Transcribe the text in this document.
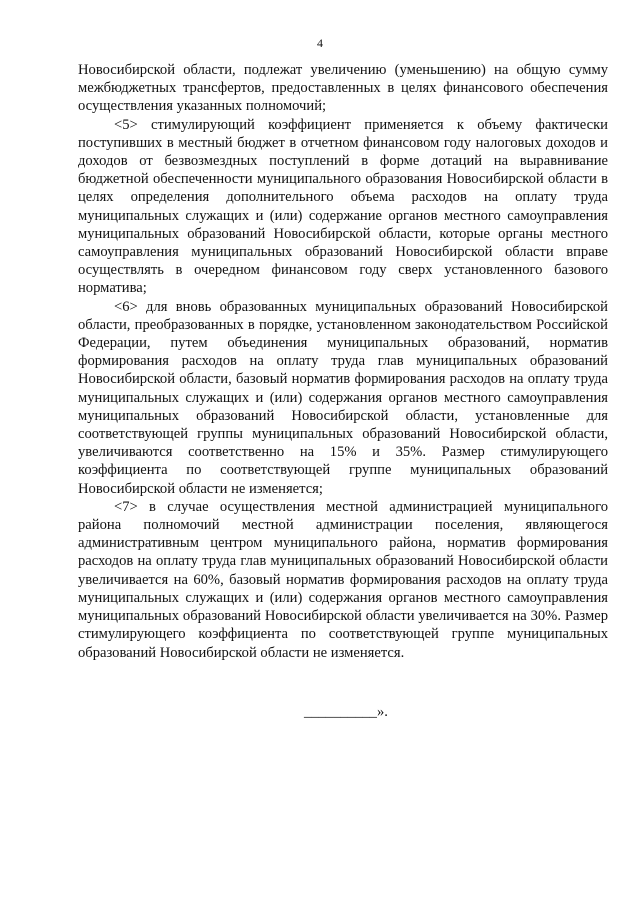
4

Новосибирской области, подлежат увеличению (уменьшению) на общую сумму межбюджетных трансфертов, предоставленных в целях финансового обеспечения осуществления указанных полномочий;

<5> стимулирующий коэффициент применяется к объему фактически поступивших в местный бюджет в отчетном финансовом году налоговых доходов и доходов от безвозмездных поступлений в форме дотаций на выравнивание бюджетной обеспеченности муниципального образования Новосибирской области в целях определения дополнительного объема расходов на оплату труда муниципальных служащих и (или) содержание органов местного самоуправления муниципальных образований Новосибирской области, которые органы местного самоуправления муниципальных образований Новосибирской области вправе осуществлять в очередном финансовом году сверх установленного базового норматива;

<6> для вновь образованных муниципальных образований Новосибирской области, преобразованных в порядке, установленном законодательством Российской Федерации, путем объединения муниципальных образований, норматив формирования расходов на оплату труда глав муниципальных образований Новосибирской области, базовый норматив формирования расходов на оплату труда муниципальных служащих и (или) содержания органов местного самоуправления муниципальных образований Новосибирской области, установленные для соответствующей группы муниципальных образований Новосибирской области, увеличиваются соответственно на 15% и 35%. Размер стимулирующего коэффициента по соответствующей группе муниципальных образований Новосибирской области не изменяется;

<7> в случае осуществления местной администрацией муниципального района полномочий местной администрации поселения, являющегося административным центром муниципального района, норматив формирования расходов на оплату труда глав муниципальных образований Новосибирской области увеличивается на 60%, базовый норматив формирования расходов на оплату труда муниципальных служащих и (или) содержания органов местного самоуправления муниципальных образований Новосибирской области увеличивается на 30%. Размер стимулирующего коэффициента по соответствующей группе муниципальных образований Новосибирской области не изменяется.

__________».
